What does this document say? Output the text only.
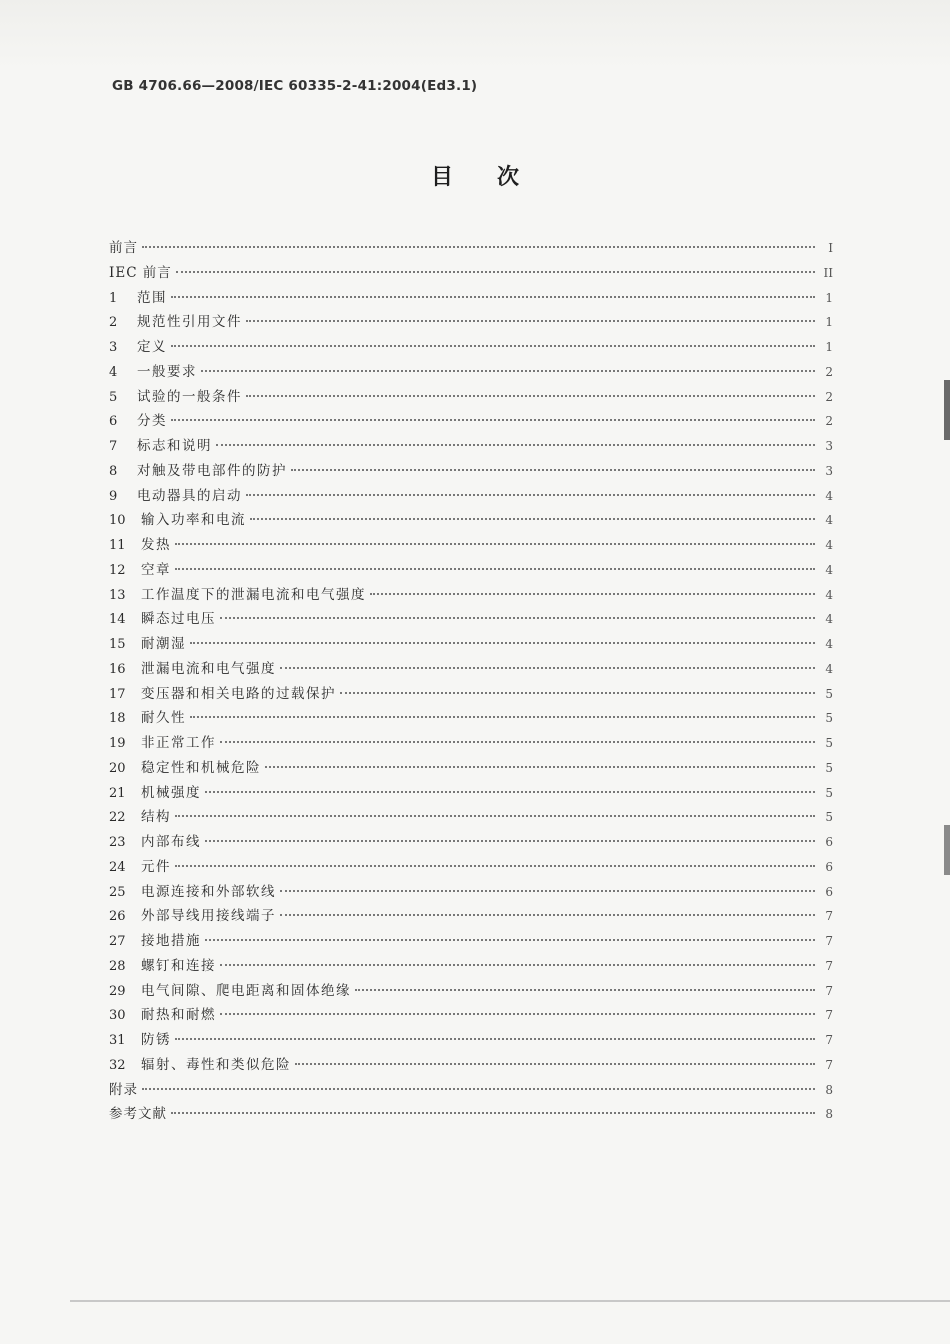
GB 4706.66—2008/IEC 60335-2-41:2004(Ed3.1)
目次
前言	I
IEC 前言	II
1	范围	1
2	规范性引用文件	1
3	定义	1
4	一般要求	2
5	试验的一般条件	2
6	分类	2
7	标志和说明	3
8	对触及带电部件的防护	3
9	电动器具的启动	4
10	输入功率和电流	4
11	发热	4
12	空章	4
13	工作温度下的泄漏电流和电气强度	4
14	瞬态过电压	4
15	耐潮湿	4
16	泄漏电流和电气强度	4
17	变压器和相关电路的过载保护	5
18	耐久性	5
19	非正常工作	5
20	稳定性和机械危险	5
21	机械强度	5
22	结构	5
23	内部布线	6
24	元件	6
25	电源连接和外部软线	6
26	外部导线用接线端子	7
27	接地措施	7
28	螺钉和连接	7
29	电气间隙、爬电距离和固体绝缘	7
30	耐热和耐燃	7
31	防锈	7
32	辐射、毒性和类似危险	7
附录	8
参考文献	8
